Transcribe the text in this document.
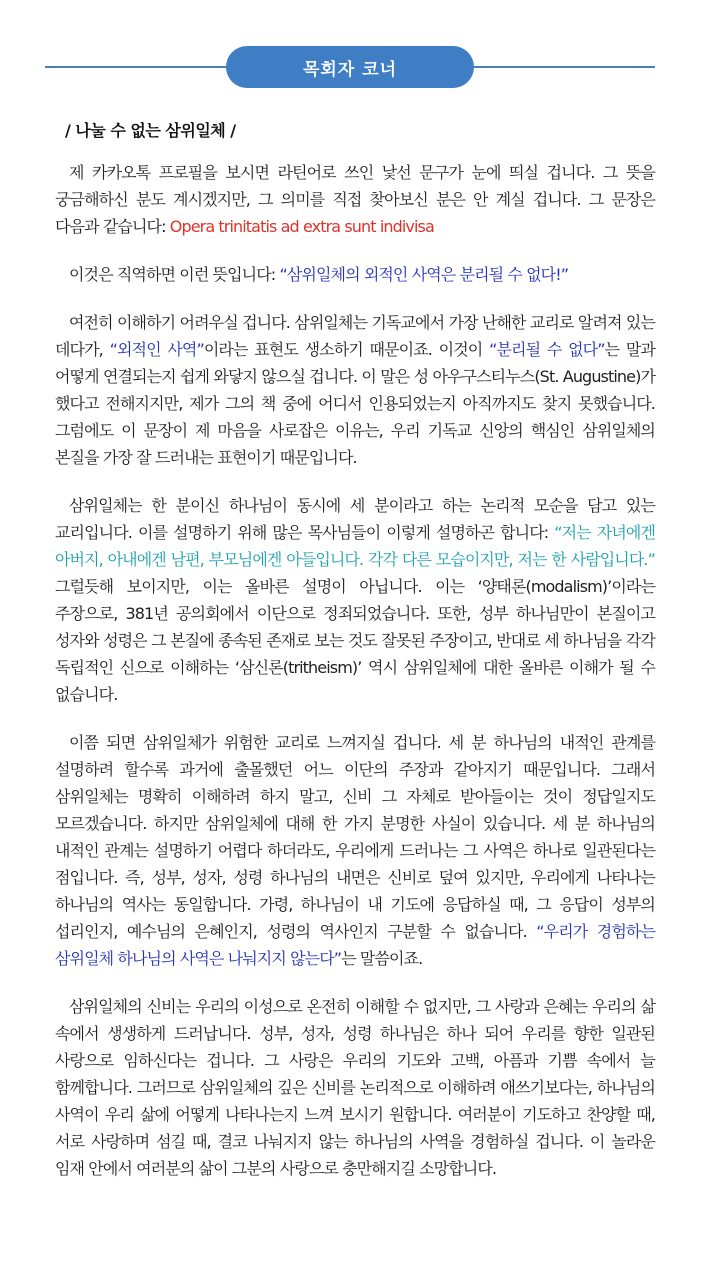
목회자 코너
/ 나눌 수 없는 삼위일체 /

제 카카오톡 프로필을 보시면 라틴어로 쓰인 낯선 문구가 눈에 띄실 겁니다. 그 뜻을 궁금해하신 분도 계시겠지만, 그 의미를 직접 찾아보신 분은 안 계실 겁니다. 그 문장은 다음과 같습니다: Opera trinitatis ad extra sunt indivisa

이것은 직역하면 이런 뜻입니다: “삼위일체의 외적인 사역은 분리될 수 없다!”

여전히 이해하기 어려우실 겁니다. 삼위일체는 기독교에서 가장 난해한 교리로 알려져 있는 데다가, “외적인 사역”이라는 표현도 생소하기 때문이죠. 이것이 “분리될 수 없다”는 말과 어떻게 연결되는지 쉽게 와닿지 않으실 겁니다. 이 말은 성 아우구스티누스(St. Augustine)가 했다고 전해지지만, 제가 그의 책 중에 어디서 인용되었는지 아직까지도 찾지 못했습니다. 그럼에도 이 문장이 제 마음을 사로잡은 이유는, 우리 기독교 신앙의 핵심인 삼위일체의 본질을 가장 잘 드러내는 표현이기 때문입니다.

삼위일체는 한 분이신 하나님이 동시에 세 분이라고 하는 논리적 모순을 담고 있는 교리입니다. 이를 설명하기 위해 많은 목사님들이 이렇게 설명하곤 합니다: “저는 자녀에겐 아버지, 아내에겐 남편, 부모님에겐 아들입니다. 각각 다른 모습이지만, 저는 한 사람입니다.” 그럴듯해 보이지만, 이는 올바른 설명이 아닙니다. 이는 ‘양태론(modalism)’이라는 주장으로, 381년 공의회에서 이단으로 정죄되었습니다. 또한, 성부 하나님만이 본질이고 성자와 성령은 그 본질에 종속된 존재로 보는 것도 잘못된 주장이고, 반대로 세 하나님을 각각 독립적인 신으로 이해하는 ‘삼신론(tritheism)’ 역시 삼위일체에 대한 올바른 이해가 될 수 없습니다.

이쯤 되면 삼위일체가 위험한 교리로 느껴지실 겁니다. 세 분 하나님의 내적인 관계를 설명하려 할수록 과거에 출몰했던 어느 이단의 주장과 같아지기 때문입니다. 그래서 삼위일체는 명확히 이해하려 하지 말고, 신비 그 자체로 받아들이는 것이 정답일지도 모르겠습니다. 하지만 삼위일체에 대해 한 가지 분명한 사실이 있습니다. 세 분 하나님의 내적인 관계는 설명하기 어렵다 하더라도, 우리에게 드러나는 그 사역은 하나로 일관된다는 점입니다. 즉, 성부, 성자, 성령 하나님의 내면은 신비로 덮여 있지만, 우리에게 나타나는 하나님의 역사는 동일합니다. 가령, 하나님이 내 기도에 응답하실 때, 그 응답이 성부의 섭리인지, 예수님의 은혜인지, 성령의 역사인지 구분할 수 없습니다. “우리가 경험하는 삼위일체 하나님의 사역은 나눠지지 않는다”는 말씀이죠.

삼위일체의 신비는 우리의 이성으로 온전히 이해할 수 없지만, 그 사랑과 은혜는 우리의 삶 속에서 생생하게 드러납니다. 성부, 성자, 성령 하나님은 하나 되어 우리를 향한 일관된 사랑으로 임하신다는 겁니다. 그 사랑은 우리의 기도와 고백, 아픔과 기쁨 속에서 늘 함께합니다. 그러므로 삼위일체의 깊은 신비를 논리적으로 이해하려 애쓰기보다는, 하나님의 사역이 우리 삶에 어떻게 나타나는지 느껴 보시기 원합니다. 여러분이 기도하고 찬양할 때, 서로 사랑하며 섬길 때, 결코 나눠지지 않는 하나님의 사역을 경험하실 겁니다. 이 놀라운 임재 안에서 여러분의 삶이 그분의 사랑으로 충만해지길 소망합니다.
